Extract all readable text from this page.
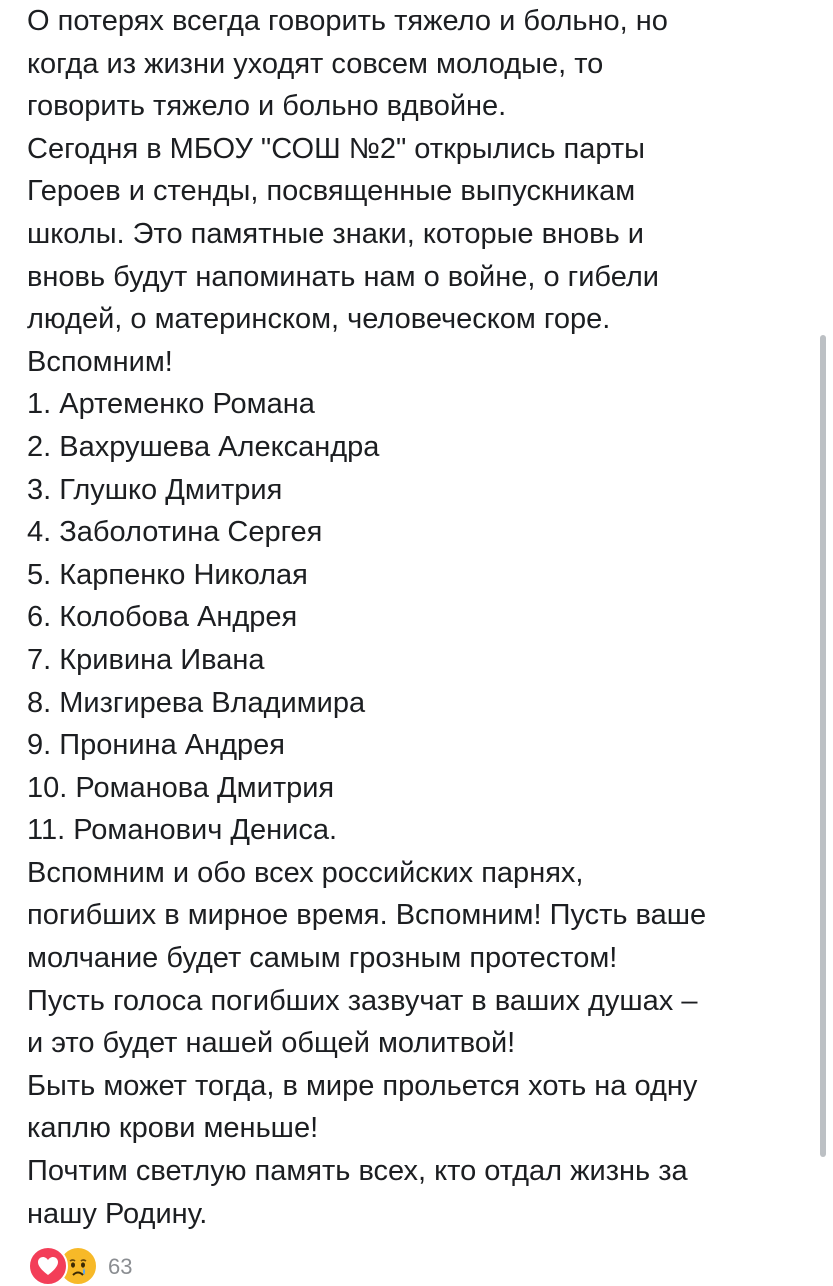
О потерях всегда говорить тяжело и больно, но
когда из жизни уходят совсем молодые, то
говорить тяжело и больно вдвойне.
Сегодня в МБОУ "СОШ №2" открылись парты
Героев и стенды, посвященные выпускникам
школы. Это памятные знаки, которые вновь и
вновь будут напоминать нам о войне, о гибели
людей, о материнском, человеческом горе.
Вспомним!
1. Артеменко Романа
2. Вахрушева Александра
3. Глушко Дмитрия
4. Заболотина Сергея
5. Карпенко Николая
6. Колобова Андрея
7. Кривина Ивана
8. Мизгирева Владимира
9. Пронина Андрея
10. Романова Дмитрия
11. Романович Дениса.
Вспомним и обо всех российских парнях,
погибших в мирное время. Вспомним! Пусть ваше
молчание будет самым грозным протестом!
Пусть голоса погибших зазвучат в ваших душах –
и это будет нашей общей молитвой!
Быть может тогда, в мире прольется хоть на одну
каплю крови меньше!
Почтим светлую память всех, кто отдал жизнь за
нашу Родину.
63
